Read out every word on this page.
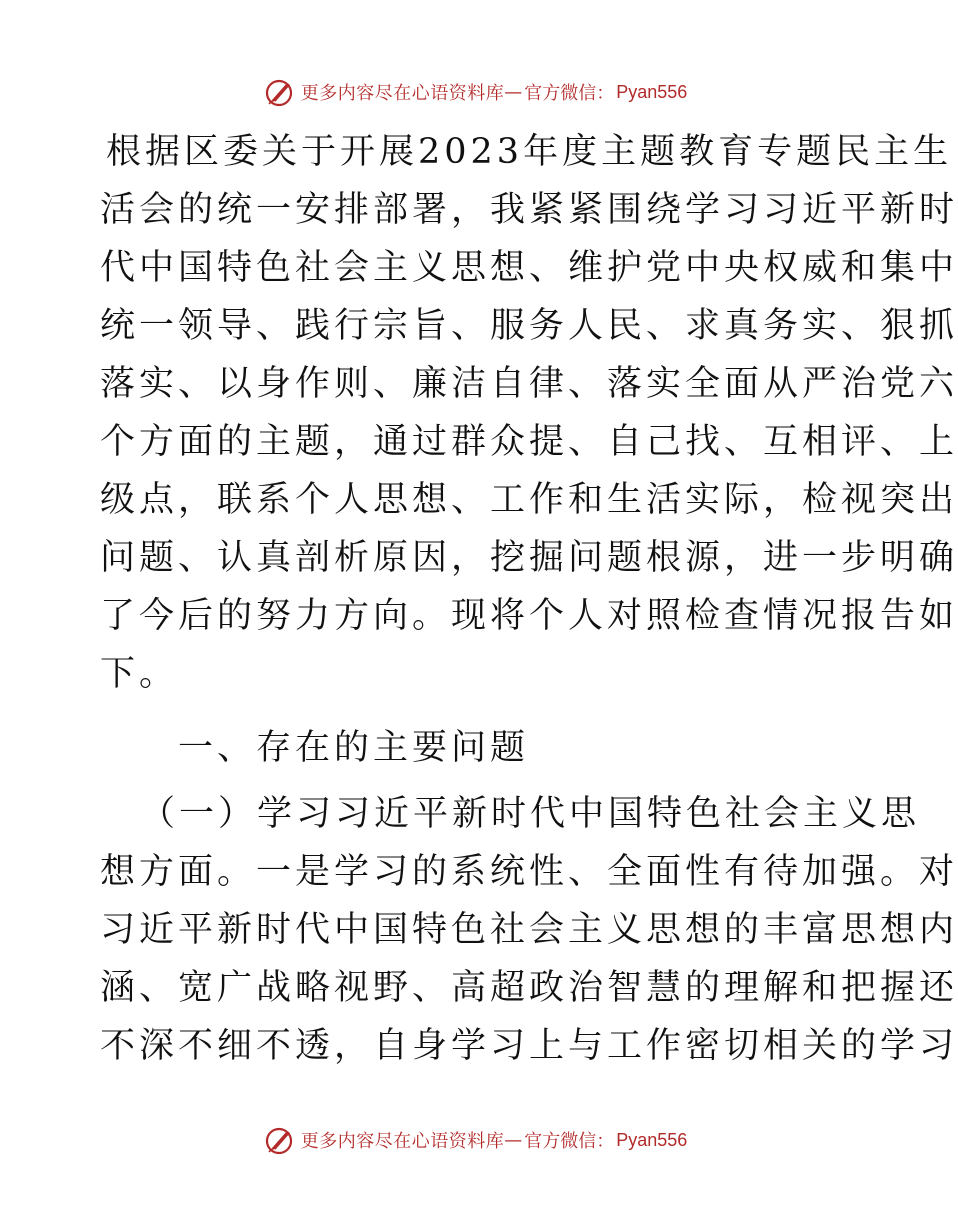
更多内容尽在心语资料库 — 官方微信： Pyan556
根据区委关于开展2023年度主题教育专题民主生
活会的统一安排部署，我紧紧围绕学习习近平新时
代中国特色社会主义思想、维护党中央权威和集中
统一领导、践行宗旨、服务人民、求真务实、狠抓
落实、以身作则、廉洁自律、落实全面从严治党六
个方面的主题，通过群众提、自己找、互相评、上
级点，联系个人思想、工作和生活实际，检视突出
问题、认真剖析原因，挖掘问题根源，进一步明确
了今后的努力方向。现将个人对照检查情况报告如
下。
一、存在的主要问题
（一）学习习近平新时代中国特色社会主义思
想方面。一是学习的系统性、全面性有待加强。对
习近平新时代中国特色社会主义思想的丰富思想内
涵、宽广战略视野、高超政治智慧的理解和把握还
不深不细不透，自身学习上与工作密切相关的学习
更多内容尽在心语资料库 — 官方微信： Pyan556
